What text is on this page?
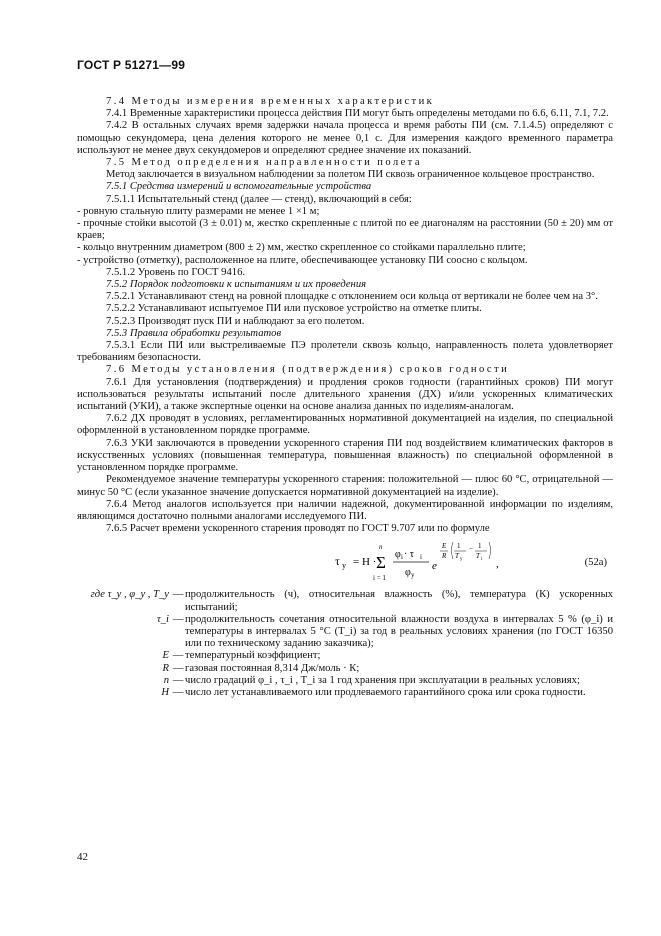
ГОСТ Р 51271—99

7.4 Методы измерения временных характеристик

7.4.1 Временные характеристики процесса действия ПИ могут быть определены методами по 6.6, 6.11, 7.1, 7.2.

7.4.2 В остальных случаях время задержки начала процесса и время работы ПИ (см. 7.1.4.5) определяют с помощью секундомера, цена деления которого не менее 0,1 с. Для измерения каждого временного параметра используют не менее двух секундомеров и определяют среднее значение их показаний.

7.5 Метод определения направленности полета

Метод заключается в визуальном наблюдении за полетом ПИ сквозь ограниченное кольцевое пространство.

7.5.1 Средства измерений и вспомогательные устройства

7.5.1.1 Испытательный стенд (далее — стенд), включающий в себя:

- ровную стальную плиту размерами не менее 1 ×1 м;

- прочные стойки высотой (3 ± 0.01) м, жестко скрепленные с плитой по ее диагоналям на расстоянии (50 ± 20) мм от краев;

- кольцо внутренним диаметром (800 ± 2) мм, жестко скрепленное со стойками параллельно плите;

- устройство (отметку), расположенное на плите, обеспечивающее установку ПИ соосно с кольцом.

7.5.1.2 Уровень по ГОСТ 9416.

7.5.2 Порядок подготовки к испытаниям и их проведения

7.5.2.1 Устанавливают стенд на ровной площадке с отклонением оси кольца от вертикали не более чем на 3°.

7.5.2.2 Устанавливают испытуемое ПИ или пусковое устройство на отметке плиты.

7.5.2.3 Производят пуск ПИ и наблюдают за его полетом.

7.5.3 Правила обработки результатов

7.5.3.1 Если ПИ или выстреливаемые ПЭ пролетели сквозь кольцо, направленность полета удовлетворяет требованиям безопасности.

7.6 Методы установления (подтверждения) сроков годности

7.6.1 Для установления (подтверждения) и продления сроков годности (гарантийных сроков) ПИ могут использоваться результаты испытаний после длительного хранения (ДХ) и/или ускоренных климатических испытаний (УКИ), а также экспертные оценки на основе анализа данных по изделиям-аналогам.

7.6.2 ДХ проводят в условиях, регламентированных нормативной документацией на изделия, по специальной оформленной в установленном порядке программе.

7.6.3 УКИ заключаются в проведении ускоренного старения ПИ под воздействием климатических факторов в искусственных условиях (повышенная температура, повышенная влажность) по специальной оформленной в установленном порядке программе.

Рекомендуемое значение температуры ускоренного старения: положительной — плюс 60 °С, отрицательной — минус 50 °С (если указанное значение допускается нормативной документацией на изделие).

7.6.4 Метод аналогов используется при наличии надежной, документированной информации по изделиям, являющимся достаточно полными аналогами исследуемого ПИ.

7.6.5 Расчет времени ускоренного старения проводят по ГОСТ 9.707 или по формуле

τ у = H ·
n
Σ
i = 1
φ i · τ i
φ у
e
E
R
1
T у
− 1
T i ,	(52а)
где τ_у , φ_у , T_у — продолжительность (ч), относительная влажность (%), температура (К) ускоренных испытаний;
τ_i — продолжительность сочетания относительной влажности воздуха в интервалах 5 % (φ_i) и температуры в интервалах 5 °С (T_i) за год в реальных условиях хранения (по ГОСТ 16350 или по техническому заданию заказчика);
E — температурный коэффициент;
R — газовая постоянная 8,314 Дж/моль · К;
n — число градаций φ_i , τ_i , T_i за 1 год хранения при эксплуатации в реальных условиях;
H — число лет устанавливаемого или продлеваемого гарантийного срока или срока годности.
42
